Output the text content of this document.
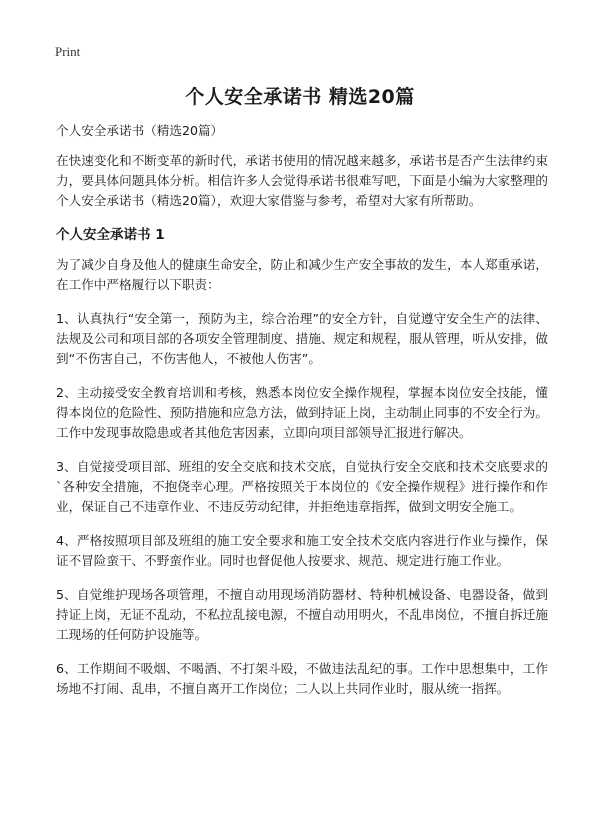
Print
个人安全承诺书 精选20篇

个人安全承诺书（精选20篇）

在快速变化和不断变革的新时代，承诺书使用的情况越来越多，承诺书是否产生法律约束力，要具体问题具体分析。相信许多人会觉得承诺书很难写吧，下面是小编为大家整理的个人安全承诺书（精选20篇），欢迎大家借鉴与参考，希望对大家有所帮助。

个人安全承诺书 1

为了减少自身及他人的健康生命安全，防止和减少生产安全事故的发生，本人郑重承诺，在工作中严格履行以下职责：

1、认真执行“安全第一，预防为主，综合治理”的安全方针，自觉遵守安全生产的法律、法规及公司和项目部的各项安全管理制度、措施、规定和规程，服从管理，听从安排，做到“不伤害自己，不伤害他人，不被他人伤害”。

2、主动接受安全教育培训和考核，熟悉本岗位安全操作规程，掌握本岗位安全技能，懂得本岗位的危险性、预防措施和应急方法，做到持证上岗，主动制止同事的不安全行为。工作中发现事故隐患或者其他危害因素，立即向项目部领导汇报进行解决。

3、自觉接受项目部、班组的安全交底和技术交底，自觉执行安全交底和技术交底要求的`各种安全措施，不抱侥幸心理。严格按照关于本岗位的《安全操作规程》进行操作和作业，保证自己不违章作业、不违反劳动纪律，并拒绝违章指挥，做到文明安全施工。

4、严格按照项目部及班组的施工安全要求和施工安全技术交底内容进行作业与操作，保证不冒险蛮干、不野蛮作业。同时也督促他人按要求、规范、规定进行施工作业。

5、自觉维护现场各项管理，不擅自动用现场消防器材、特种机械设备、电器设备，做到持证上岗，无证不乱动，不私拉乱接电源，不擅自动用明火，不乱串岗位，不擅自拆迁施工现场的任何防护设施等。

6、工作期间不吸烟、不喝酒、不打架斗殴，不做违法乱纪的事。工作中思想集中，工作场地不打闹、乱串，不擅自离开工作岗位；二人以上共同作业时，服从统一指挥。
